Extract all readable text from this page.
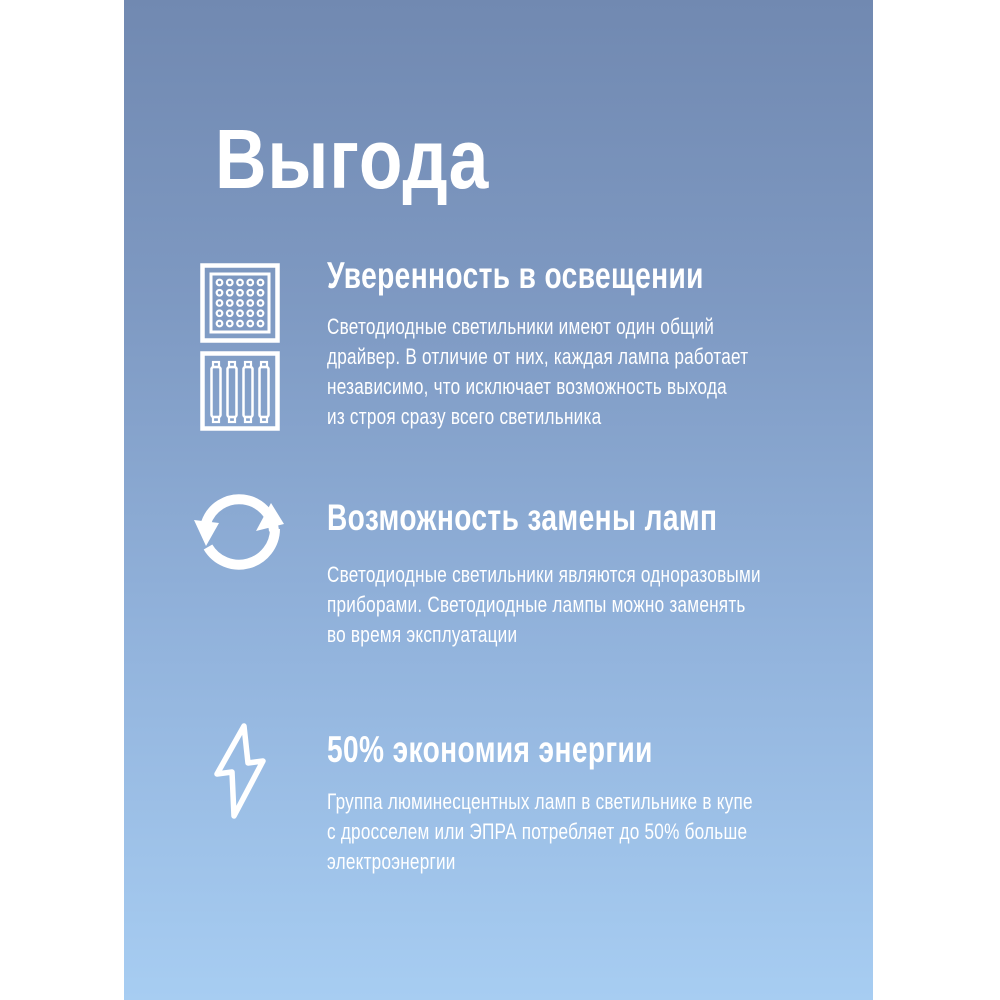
Выгода
Уверенность в освещении
Светодиодные светильники имеют один общий
драйвер. В отличие от них, каждая лампа работает
независимо, что исключает возможность выхода
из строя сразу всего светильника
Возможность замены ламп
Светодиодные светильники являются одноразовыми
приборами. Светодиодные лампы можно заменять
во время эксплуатации
50% экономия энергии
Группа люминесцентных ламп в светильнике в купе
с дросселем или ЭПРА потребляет до 50% больше
электроэнергии
